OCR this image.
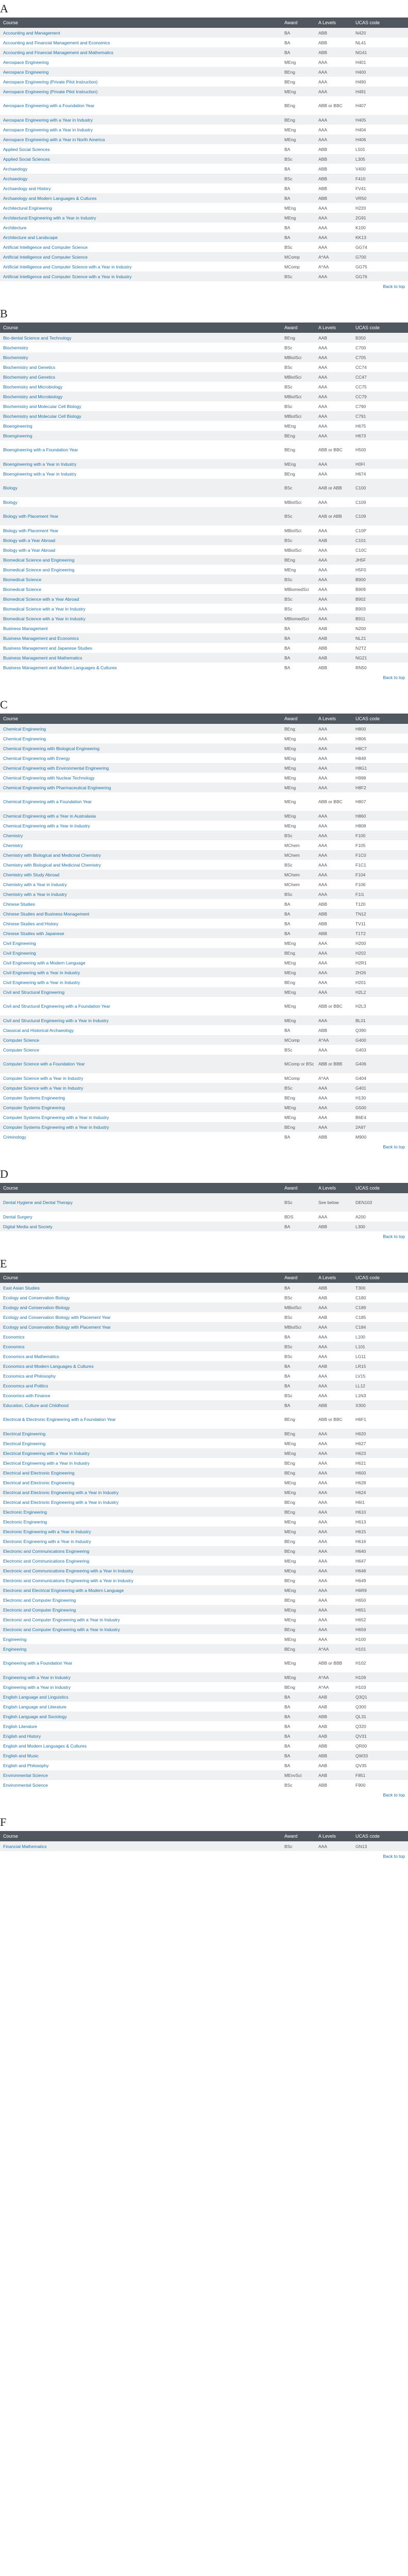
A
Course	Award	A Levels	UCAS code
Accounting and Management	BA	ABB	N420
Accounting and Financial Management and Economics	BA	ABB	NL41
Accounting and Financial Management and Mathematics	BA	ABB	NG41
Aerospace Engineering	MEng	AAA	H401
Aerospace Engineering	BEng	AAA	H400
Aerospace Engineering (Private Pilot Instruction)	BEng	AAA	H490
Aerospace Engineering (Private Pilot Instruction)	MEng	AAA	H491
Aerospace Engineering with a Foundation Year	BEng	ABB or BBC	H407
Aerospace Engineering with a Year in Industry	BEng	AAA	H405
Aerospace Engineering with a Year in Industry	MEng	AAA	H404
Aerospace Engineering with a Year in North America	MEng	AAA	H406
Applied Social Sciences	BA	ABB	L501
Applied Social Sciences	BSc	ABB	L305
Archaeology	BA	ABB	V400
Archaeology	BSc	ABB	F410
Archaeology and History	BA	ABB	FV41
Archaeology and Modern Languages & Cultures	BA	ABB	VR50
Architectural Engineering	MEng	AAA	H220
Architectural Engineering with a Year in Industry	MEng	AAA	2G91
Architecture	BA	AAA	K100
Architecture and Landscape	BA	AAA	KK13
Artificial Intelligence and Computer Science	BSc	AAA	GG74
Artificial Intelligence and Computer Science	MComp	A*AA	G700
Artificial Intelligence and Computer Science with a Year in Industry	MComp	A*AA	GG75
Artificial Intelligence and Computer Science with a Year in Industry	BSc	AAA	GG76
Back to top
B
Course	Award	A Levels	UCAS code
Bio-dental Science and Technology	BEng	AAB	B350
Biochemistry	BSc	AAA	C700
Biochemistry	MBiolSci	AAA	C705
Biochemistry and Genetics	BSc	AAA	CC74
Biochemistry and Genetics	MBiolSci	AAA	CC47
Biochemistry and Microbiology	BSc	AAA	CC75
Biochemistry and Microbiology	MBiolSci	AAA	CC79
Biochemistry and Molecular Cell Biology	BSc	AAA	C790
Biochemistry and Molecular Cell Biology	MBiolSci	AAA	C791
Bioengineering	MEng	AAA	H675
Bioengineering	BEng	AAA	H673
Bioengineering with a Foundation Year	BEng	ABB or BBC	H500
Bioengineering with a Year in Industry	MEng	AAA	H0FI
Bioengineering with a Year in Industry	BEng	AAA	H674
Biology	BSc	AAB or ABB	C100
Biology	MBiolSci	AAA	C109
Biology with Placement Year	BSc	AAB or ABB	C109
Biology with Placement Year	MBiolSci	AAA	C10P
Biology with a Year Abroad	BSc	AAB	C101
Biology with a Year Abroad	MBiolSci	AAA	C10C
Biomedical Science and Engineering	BEng	AAA	JH5F
Biomedical Science and Engineering	MEng	AAA	H5F0
Biomedical Science	BSc	AAA	B900
Biomedical Science	MBiomedSci	AAA	B909
Biomedical Science with a Year Abroad	BSc	AAA	B902
Biomedical Science with a Year in Industry	BSc	AAA	B903
Biomedical Science with a Year in Industry	MBiomedSci	AAA	B911
Business Management	BA	AAB	N200
Business Management and Economics	BA	AAB	NL21
Business Management and Japanese Studies	BA	ABB	N2T2
Business Management and Mathematics	BA	AAB	NG21
Business Management and Modern Languages & Cultures	BA	ABB	RN50
Back to top
C
Course	Award	A Levels	UCAS code
Chemical Engineering	BEng	AAA	H800
Chemical Engineering	MEng	AAA	H806
Chemical Engineering with Biological Engineering	MEng	AAA	H8C7
Chemical Engineering with Energy	MEng	AAA	H849
Chemical Engineering with Environmental Engineering	MEng	AAA	H8G1
Chemical Engineering with Nuclear Technology	MEng	AAA	H998
Chemical Engineering with Pharmaceutical Engineering	MEng	AAA	H8F2
Chemical Engineering with a Foundation Year	MEng	ABB or BBC	H807
Chemical Engineering with a Year in Australasia	MEng	AAA	H860
Chemical Engineering with a Year in Industry	MEng	AAA	H808
Chemistry	BSc	AAA	F100
Chemistry	MChem	AAA	F105
Chemistry with Biological and Medicinal Chemistry	MChem	AAA	F1C0
Chemistry with Biological and Medicinal Chemistry	BSc	AAA	F1C1
Chemistry with Study Abroad	MChem	AAA	F104
Chemistry with a Year in Industry	MChem	AAA	F106
Chemistry with a Year in Industry	BSc	AAA	F1I1
Chinese Studies	BA	ABB	T120
Chinese Studies and Business Management	BA	ABB	TN12
Chinese Studies and History	BA	ABB	TV11
Chinese Studies with Japanese	BA	ABB	T1T2
Civil Engineering	MEng	AAA	H200
Civil Engineering	BEng	AAA	H202
Civil Engineering with a Modern Language	MEng	AAA	H2R1
Civil Engineering with a Year in Industry	MEng	AAA	2H26
Civil Engineering with a Year in Industry	BEng	AAA	H201
Civil and Structural Engineering	MEng	AAA	H2L2
Civil and Structural Engineering with a Foundation Year	MEng	ABB or BBC	H2L3
Civil and Structural Engineering with a Year in Industry	MEng	AAA	BL01
Classical and Historical Archaeology	BA	ABB	Q390
Computer Science	MComp	A*AA	G400
Computer Science	BSc	AAA	G403
Computer Science with a Foundation Year	MComp or BSc	ABB or BBB	G406
Computer Science with a Year in Industry	MComp	A*AA	G404
Computer Science with a Year in Industry	BSc	AAA	G401
Computer Systems Engineering	BEng	AAA	H130
Computer Systems Engineering	MEng	AAA	G500
Computer Systems Engineering with a Year in Industry	MEng	AAA	B6E4
Computer Systems Engineering with a Year in Industry	BEng	AAA	2A97
Criminology	BA	ABB	M900
Back to top
D
Course	Award	A Levels	UCAS code
Dental Hygiene and Dental Therapy	BSc	See below	DEN103
Dental Surgery	BDS	AAA	A200
Digital Media and Society	BA	ABB	L300
Back to top
E
Course	Award	A Levels	UCAS code
East Asian Studies	BA	ABB	T300
Ecology and Conservation Biology	BSc	AAB	C180
Ecology and Conservation Biology	MBiolSci	AAA	C189
Ecology and Conservation Biology with Placement Year	BSc	AAB	C185
Ecology and Conservation Biology with Placement Year	MBiolSci	AAA	C184
Economics	BA	AAA	L100
Economics	BSc	AAA	L101
Economics and Mathematics	BSc	AAA	LG11
Economics and Modern Languages & Cultures	BA	AAB	LR15
Economics and Philosophy	BA	AAA	LV15
Economics and Politics	BA	AAA	LL12
Economics with Finance	BSc	AAA	L1N3
Education, Culture and Childhood	BA	ABB	X300
Electrical & Electronic Engineering with a Foundation Year	BEng	ABB or BBC	H6F1
Electrical Engineering	BEng	AAA	H620
Electrical Engineering	MEng	AAA	H627
Electrical Engineering with a Year in Industry	MEng	AAA	H623
Electrical Engineering with a Year in Industry	BEng	AAA	H621
Electrical and Electronic Engineering	BEng	AAA	H600
Electrical and Electronic Engineering	MEng	AAA	H628
Electrical and Electronic Engineering with a Year in Industry	MEng	AAA	H624
Electrical and Electronic Engineering with a Year in Industry	BEng	AAA	H6I1
Electronic Engineering	BEng	AAA	H610
Electronic Engineering	MEng	AAA	H613
Electronic Engineering with a Year in Industry	MEng	AAA	H615
Electronic Engineering with a Year in Industry	BEng	AAA	H616
Electronic and Communications Engineering	BEng	AAA	H640
Electronic and Communications Engineering	MEng	AAA	H647
Electronic and Communications Engineering with a Year in Industry	MEng	AAA	H648
Electronic and Communications Engineering with a Year in Industry	BEng	AAA	H649
Electronic and Electrical Engineering with a Modern Language	MEng	AAA	H6R9
Electronic and Computer Engineering	BEng	AAA	H650
Electronic and Computer Engineering	MEng	AAA	H651
Electronic and Computer Engineering with a Year in Industry	MEng	AAA	H652
Electronic and Computer Engineering with a Year in Industry	BEng	AAA	H659
Engineering	MEng	AAA	H100
Engineering	BEng	A*AA	H101
Engineering with a Foundation Year	MEng	ABB or BBB	H102
Engineering with a Year in Industry	MEng	A*AA	H109
Engineering with a Year in Industry	BEng	A*AA	H103
English Language and Linguistics	BA	AAB	Q3Q1
English Language and Literature	BA	AAB	Q300
English Language and Sociology	BA	ABB	QL31
English Literature	BA	AAB	Q320
English and History	BA	AAB	QV31
English and Modern Languages & Cultures	BA	ABB	QR00
English and Music	BA	ABB	QW33
English and Philosophy	BA	AAB	QV35
Environmental Science	MEnvSci	AAB	F851
Environmental Science	BSc	ABB	F900
Back to top
F
Course	Award	A Levels	UCAS code
Financial Mathematics	BSc	AAA	GN13
Back to top
